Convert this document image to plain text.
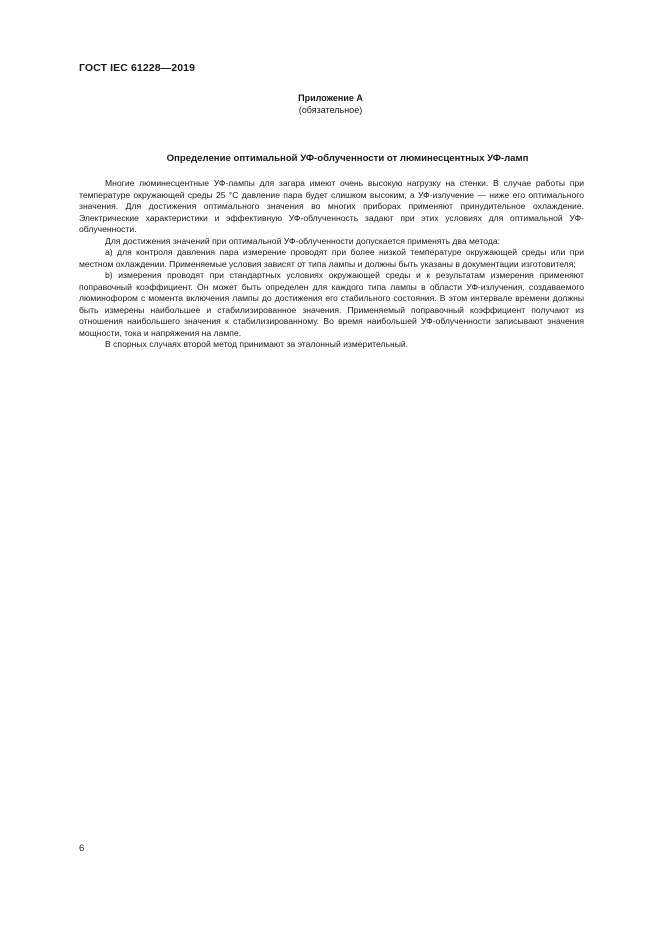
ГОСТ IEC 61228—2019
Приложение А
(обязательное)
Определение оптимальной УФ-облученности от люминесцентных УФ-ламп

Многие люминесцентные УФ-лампы для загара имеют очень высокую нагрузку на стенки. В случае работы при температуре окружающей среды 25 °С давление пара будет слишком высоким, а УФ-излучение — ниже его оптимального значения. Для достижения оптимального значения во многих приборах применяют принудительное охлаждение. Электрические характеристики и эффективную УФ-облученность задают при этих условиях для оптимальной УФ-облученности.

Для достижения значений при оптимальной УФ-облученности допускается применять два метода:

а) для контроля давления пара измерение проводят при более низкой температуре окружающей среды или при местном охлаждении. Применяемые условия зависят от типа лампы и должны быть указаны в документации изготовителя;

b) измерения проводят при стандартных условиях окружающей среды и к результатам измерения применяют поправочный коэффициент. Он может быть определен для каждого типа лампы в области УФ-излучения, создаваемого люминофором с момента включения лампы до достижения его стабильного состояния. В этом интервале времени должны быть измерены наибольшее и стабилизированное значения. Применяемый поправочный коэффициент получают из отношения наибольшего значения к стабилизированному. Во время наибольшей УФ-облученности записывают значения мощности, тока и напряжения на лампе.

В спорных случаях второй метод принимают за эталонный измерительный.

6
